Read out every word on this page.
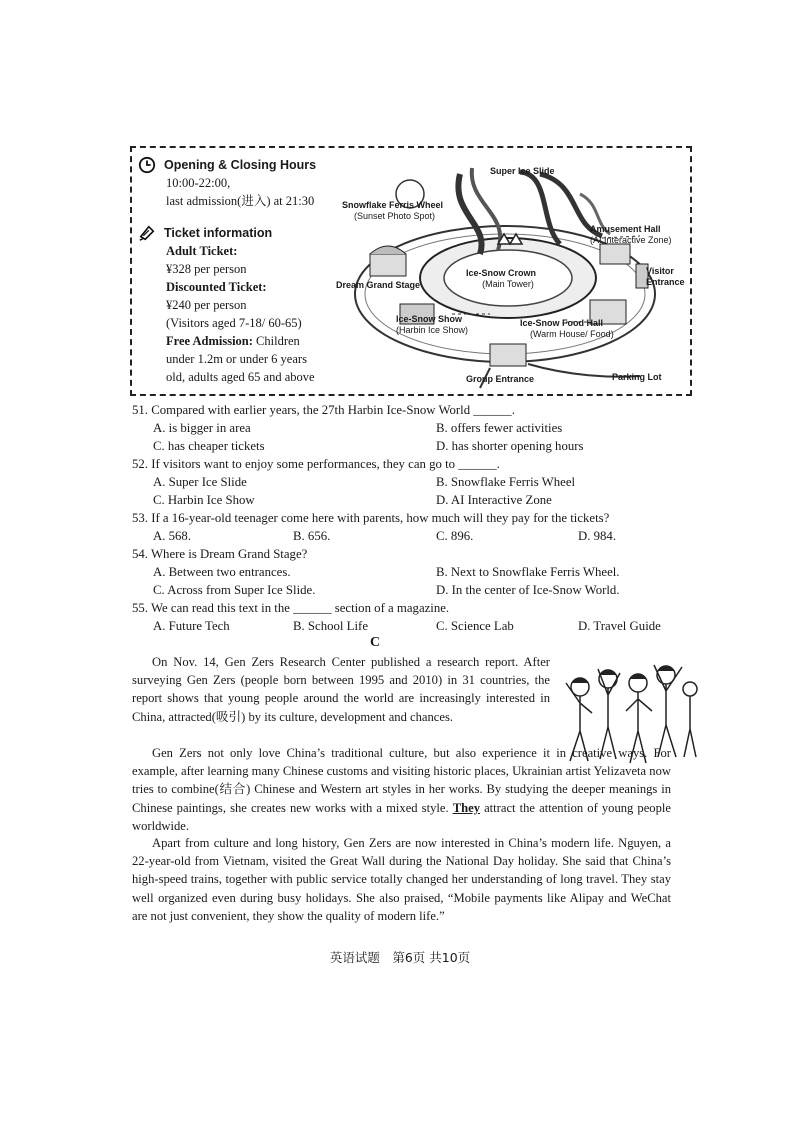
Opening & Closing Hours
10:00-22:00,
last admission(进入) at 21:30
Ticket information
Adult Ticket:
¥328 per person
Discounted Ticket:
¥240 per person
(Visitors aged 7-18/ 60-65)
Free Admission: Children
under 1.2m or under 6 years
old, adults aged 65 and above
Super Ice Slide
Snowflake Ferris Wheel
(Sunset Photo Spot)
Amusement Hall
(AI Interactive Zone)
Visitor
Entrance
Ice-Snow Crown
(Main Tower)
Dream Grand Stage
Ice-Snow Show
(Harbin Ice Show)
Ice-Snow Food Hall
(Warm House/ Food)
Group Entrance	Parking Lot
51. Compared with earlier years, the 27th Harbin Ice-Snow World ______.
A. is bigger in area	B. offers fewer activities
C. has cheaper tickets	D. has shorter opening hours
52. If visitors want to enjoy some performances, they can go to ______.
A. Super Ice Slide	B. Snowflake Ferris Wheel
C. Harbin Ice Show	D. AI Interactive Zone
53. If a 16-year-old teenager come here with parents, how much will they pay for the tickets?
A. 568.	B. 656.	C. 896.	D. 984.
54. Where is Dream Grand Stage?
A. Between two entrances.	B. Next to Snowflake Ferris Wheel.
C. Across from Super Ice Slide.	D. In the center of Ice-Snow World.
55. We can read this text in the ______ section of a magazine.
A. Future Tech	B. School Life	C. Science Lab	D. Travel Guide
C
On Nov. 14, Gen Zers Research Center published a research report. After surveying Gen Zers (people born between 1995 and 2010) in 31 countries, the report shows that young people around the world are increasingly interested in China, attracted(吸引) by its culture, development and chances.
Gen Zers not only love China’s traditional culture, but also experience it in creative ways. For example, after learning many Chinese customs and visiting historic places, Ukrainian artist Yelizaveta now tries to combine(结合) Chinese and Western art styles in her works. By studying the deeper meanings in Chinese paintings, she creates new works with a mixed style. They attract the attention of young people worldwide.
Apart from culture and long history, Gen Zers are now interested in China’s modern life. Nguyen, a 22-year-old from Vietnam, visited the Great Wall during the National Day holiday. She said that China’s high-speed trains, together with public service totally changed her understanding of long travel. They stay well organized even during busy holidays. She also praised, “Mobile payments like Alipay and WeChat are not just convenient, they show the quality of modern life.”
英语试题　第6页 共10页
